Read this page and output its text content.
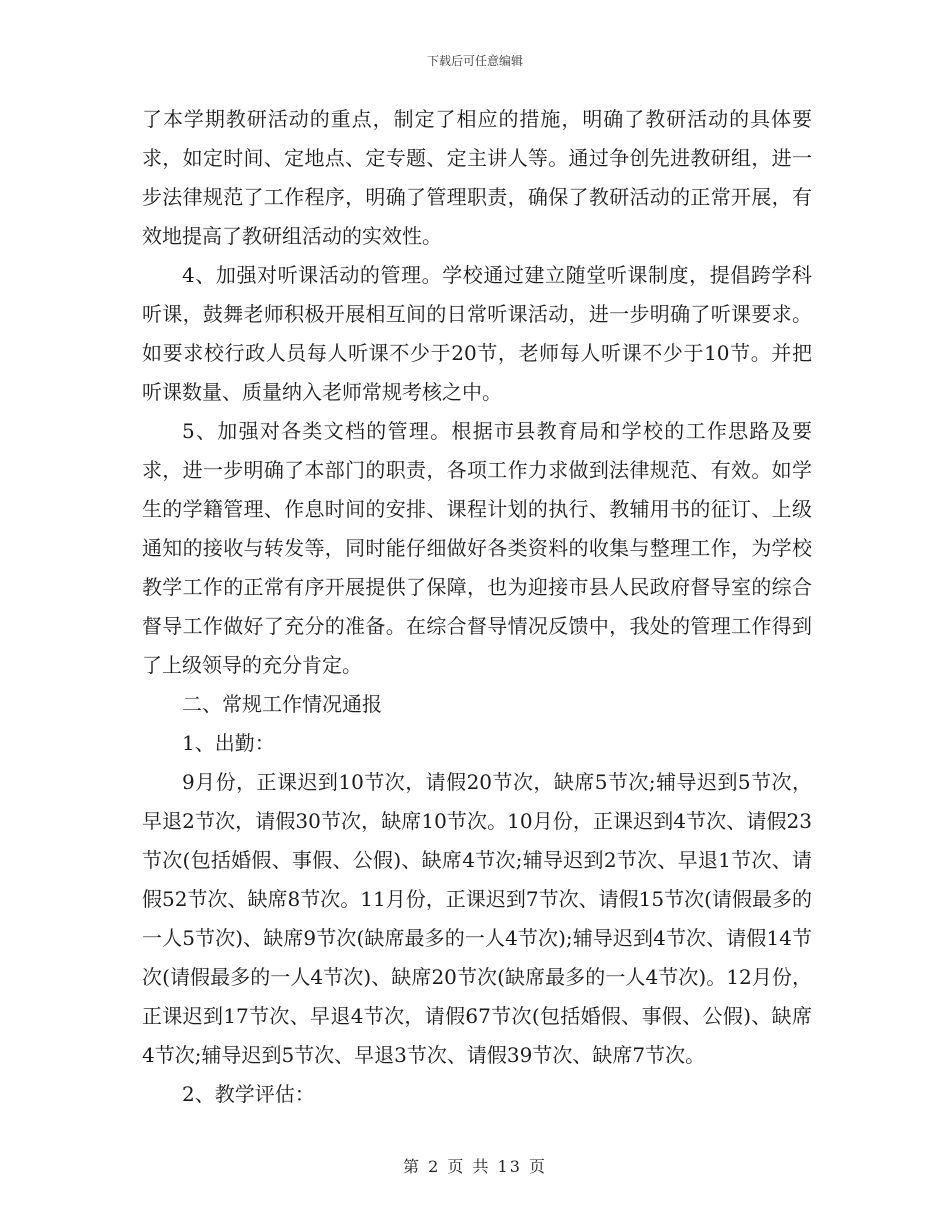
下载后可任意编辑

了本学期教研活动的重点，制定了相应的措施，明确了教研活动的具体要求，如定时间、定地点、定专题、定主讲人等。通过争创先进教研组，进一步法律规范了工作程序，明确了管理职责，确保了教研活动的正常开展，有效地提高了教研组活动的实效性。

4、加强对听课活动的管理。学校通过建立随堂听课制度，提倡跨学科听课，鼓舞老师积极开展相互间的日常听课活动，进一步明确了听课要求。如要求校行政人员每人听课不少于20节，老师每人听课不少于10节。并把听课数量、质量纳入老师常规考核之中。

5、加强对各类文档的管理。根据市县教育局和学校的工作思路及要求，进一步明确了本部门的职责，各项工作力求做到法律规范、有效。如学生的学籍管理、作息时间的安排、课程计划的执行、教辅用书的征订、上级通知的接收与转发等，同时能仔细做好各类资料的收集与整理工作，为学校教学工作的正常有序开展提供了保障，也为迎接市县人民政府督导室的综合督导工作做好了充分的准备。在综合督导情况反馈中，我处的管理工作得到了上级领导的充分肯定。

二、常规工作情况通报

1、出勤：

9月份，正课迟到10节次，请假20节次，缺席5节次;辅导迟到5节次，早退2节次，请假30节次，缺席10节次。10月份，正课迟到4节次、请假23节次(包括婚假、事假、公假)、缺席4节次;辅导迟到2节次、早退1节次、请假52节次、缺席8节次。11月份，正课迟到7节次、请假15节次(请假最多的一人5节次)、缺席9节次(缺席最多的一人4节次);辅导迟到4节次、请假14节次(请假最多的一人4节次)、缺席20节次(缺席最多的一人4节次)。12月份，正课迟到17节次、早退4节次，请假67节次(包括婚假、事假、公假)、缺席4节次;辅导迟到5节次、早退3节次、请假39节次、缺席7节次。

2、教学评估：

第 2 页 共 13 页
